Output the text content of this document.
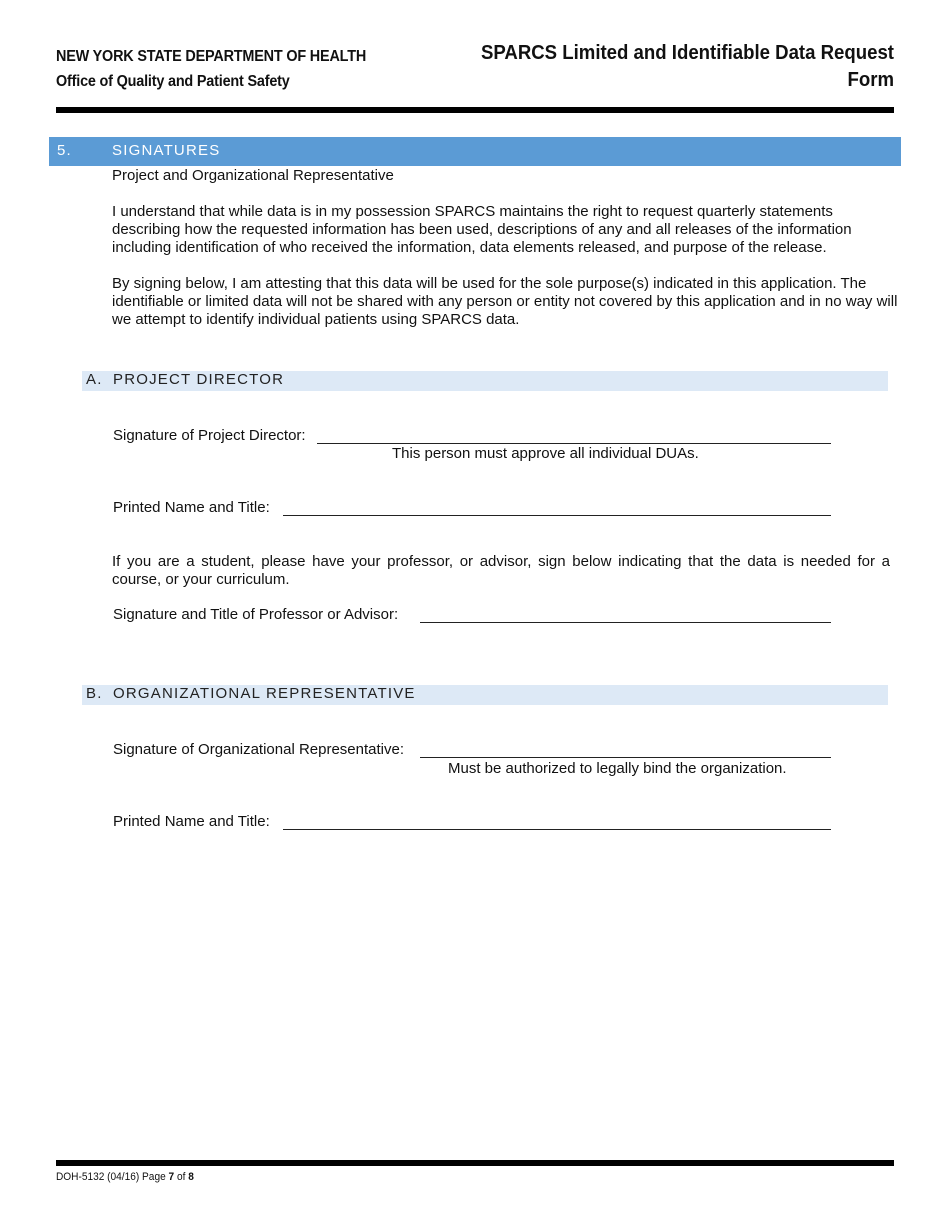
NEW YORK STATE DEPARTMENT OF HEALTH
Office of Quality and Patient Safety
SPARCS Limited and Identifiable Data Request
Form
5.	SIGNATURES
Project and Organizational Representative
I understand that while data is in my possession SPARCS maintains the right to request quarterly statements describing how the requested information has been used, descriptions of any and all releases of the information including identification of who received the information, data elements released, and purpose of the release.
By signing below, I am attesting that this data will be used for the sole purpose(s) indicated in this application. The identifiable or limited data will not be shared with any person or entity not covered by this application and in no way will we attempt to identify individual patients using SPARCS data.
A. PROJECT DIRECTOR
Signature of Project Director:
This person must approve all individual DUAs.
Printed Name and Title:
If you are a student, please have your professor, or advisor, sign below indicating that the data is needed for a course, or your curriculum.
Signature and Title of Professor or Advisor:
B. ORGANIZATIONAL REPRESENTATIVE
Signature of Organizational Representative:
Must be authorized to legally bind the organization.
Printed Name and Title:
DOH-5132 (04/16) Page 7 of 8
